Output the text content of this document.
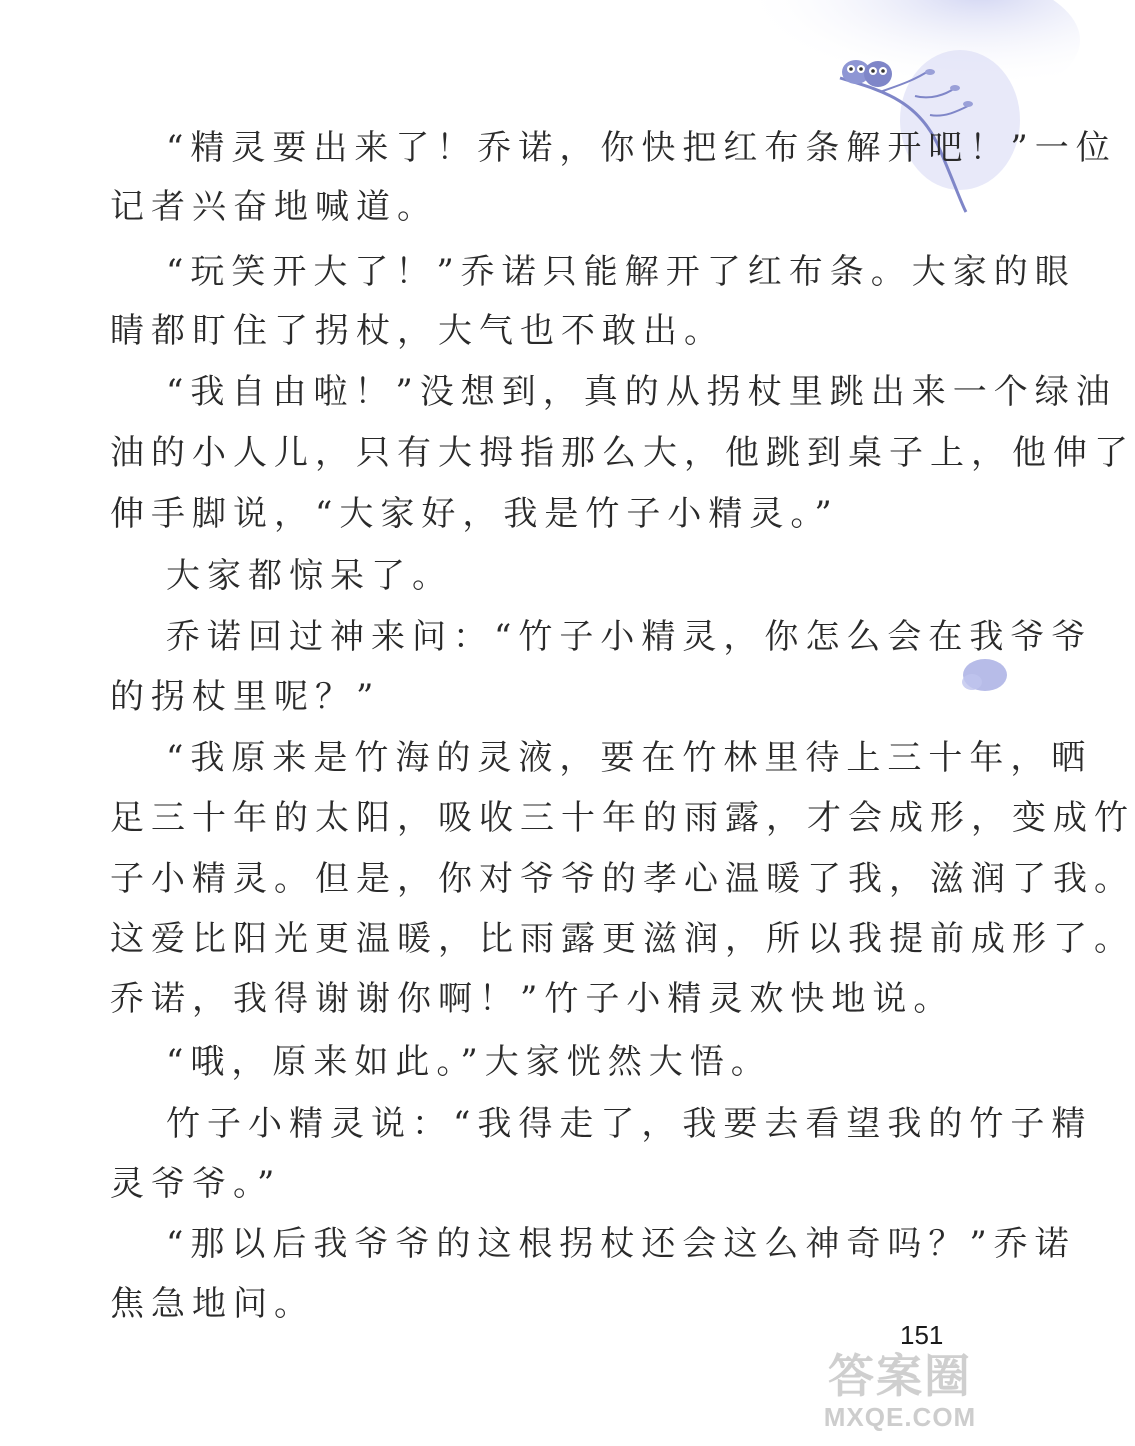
“精灵要出来了！乔诺，你快把红布条解开吧！”一位
记者兴奋地喊道。
“玩笑开大了！”乔诺只能解开了红布条。大家的眼
睛都盯住了拐杖，大气也不敢出。
“我自由啦！”没想到，真的从拐杖里跳出来一个绿油
油的小人儿，只有大拇指那么大，他跳到桌子上，他伸了
伸手脚说，“大家好，我是竹子小精灵。”
大家都惊呆了。
乔诺回过神来问：“竹子小精灵，你怎么会在我爷爷
的拐杖里呢？”
“我原来是竹海的灵液，要在竹林里待上三十年，晒
足三十年的太阳，吸收三十年的雨露，才会成形，变成竹
子小精灵。但是，你对爷爷的孝心温暖了我，滋润了我。
这爱比阳光更温暖，比雨露更滋润，所以我提前成形了。
乔诺，我得谢谢你啊！”竹子小精灵欢快地说。
“哦，原来如此。”大家恍然大悟。
竹子小精灵说：“我得走了，我要去看望我的竹子精
灵爷爷。”
“那以后我爷爷的这根拐杖还会这么神奇吗？”乔诺
焦急地问。
151
答案圈
MXQE.COM
